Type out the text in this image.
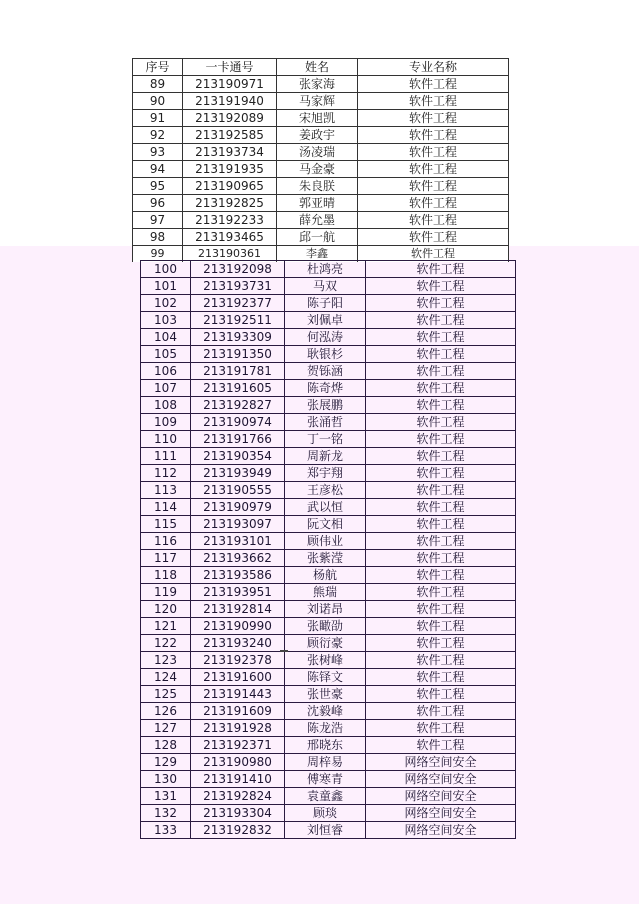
序号	一卡通号	姓名	专业名称
89	213190971	张家海	软件工程
90	213191940	马家辉	软件工程
91	213192089	宋旭凯	软件工程
92	213192585	姜政宇	软件工程
93	213193734	汤凌瑞	软件工程
94	213191935	马金豪	软件工程
95	213190965	朱良朕	软件工程
96	213192825	郭亚晴	软件工程
97	213192233	薛允墨	软件工程
98	213193465	邱一航	软件工程
99	213190361	李鑫	软件工程
100	213192098	杜鸿亮	软件工程
101	213193731	马双	软件工程
102	213192377	陈子阳	软件工程
103	213192511	刘佩卓	软件工程
104	213193309	何泓涛	软件工程
105	213191350	耿银杉	软件工程
106	213191781	贺铄涵	软件工程
107	213191605	陈奇烨	软件工程
108	213192827	张展鹏	软件工程
109	213190974	张涌哲	软件工程
110	213191766	丁一铭	软件工程
111	213190354	周新龙	软件工程
112	213193949	郑宇翔	软件工程
113	213190555	王彦松	软件工程
114	213190979	武以恒	软件工程
115	213193097	阮文相	软件工程
116	213193101	顾伟业	软件工程
117	213193662	张紫滢	软件工程
118	213193586	杨航	软件工程
119	213193951	熊瑞	软件工程
120	213192814	刘诺昂	软件工程
121	213190990	张瞰劭	软件工程
122	213193240	顾衍豪	软件工程
123	213192378	张树峰	软件工程
124	213191600	陈铎文	软件工程
125	213191443	张世豪	软件工程
126	213191609	沈毅峰	软件工程
127	213191928	陈龙浩	软件工程
128	213192371	邢晓东	软件工程
129	213190980	周梓易	网络空间安全
130	213191410	傅寒青	网络空间安全
131	213192824	袁童鑫	网络空间安全
132	213193304	顾琰	网络空间安全
133	213192832	刘恒睿	网络空间安全
